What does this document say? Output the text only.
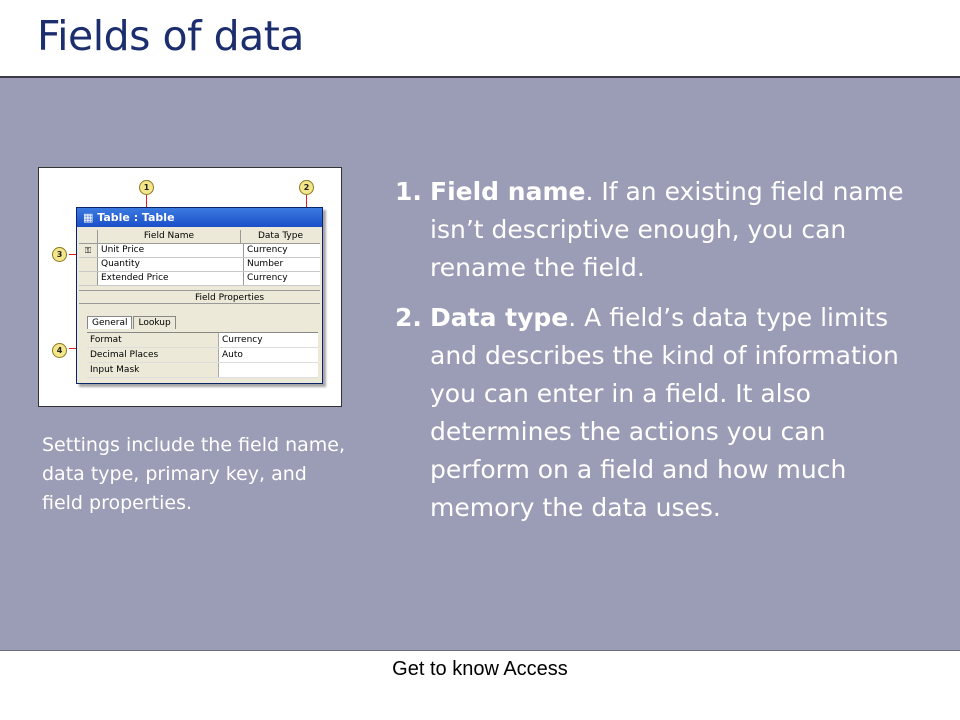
Fields of data
1	2
3
4
▦ Table : Table
Field Name	Data Type
⚿	Unit Price	Currency
Quantity	Number
Extended Price	Currency
Field Properties
General	Lookup
Format	Currency
Decimal Places	Auto
Input Mask
Settings include the field name, data type, primary key, and field properties.
1. Field name. If an existing field name isn’t descriptive enough, you can rename the field.
2. Data type. A field’s data type limits and describes the kind of information you can enter in a field. It also determines the actions you can perform on a field and how much memory the data uses.
Get to know Access
